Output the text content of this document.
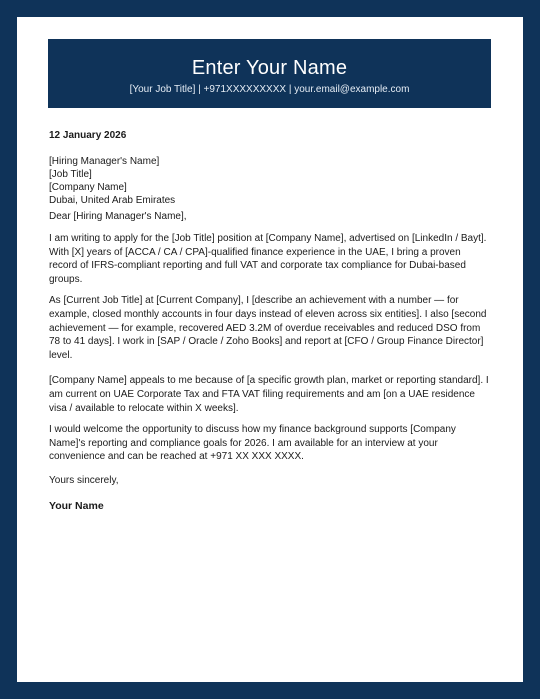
Enter Your Name
[Your Job Title] | +971XXXXXXXXX | your.email@example.com
12 January 2026
[Hiring Manager's Name]
[Job Title]
[Company Name]
Dubai, United Arab Emirates
Dear [Hiring Manager's Name],

I am writing to apply for the [Job Title] position at [Company Name], advertised on [LinkedIn / Bayt]. With [X] years of [ACCA / CA / CPA]-qualified finance experience in the UAE, I bring a proven record of IFRS-compliant reporting and full VAT and corporate tax compliance for Dubai-based groups.

As [Current Job Title] at [Current Company], I [describe an achievement with a number — for example, closed monthly accounts in four days instead of eleven across six entities]. I also [second achievement — for example, recovered AED 3.2M of overdue receivables and reduced DSO from 78 to 41 days]. I work in [SAP / Oracle / Zoho Books] and report at [CFO / Group Finance Director] level.

[Company Name] appeals to me because of [a specific growth plan, market or reporting standard]. I am current on UAE Corporate Tax and FTA VAT filing requirements and am [on a UAE residence visa / available to relocate within X weeks].

I would welcome the opportunity to discuss how my finance background supports [Company Name]'s reporting and compliance goals for 2026. I am available for an interview at your convenience and can be reached at +971 XX XXX XXXX.

Yours sincerely,
Your Name
